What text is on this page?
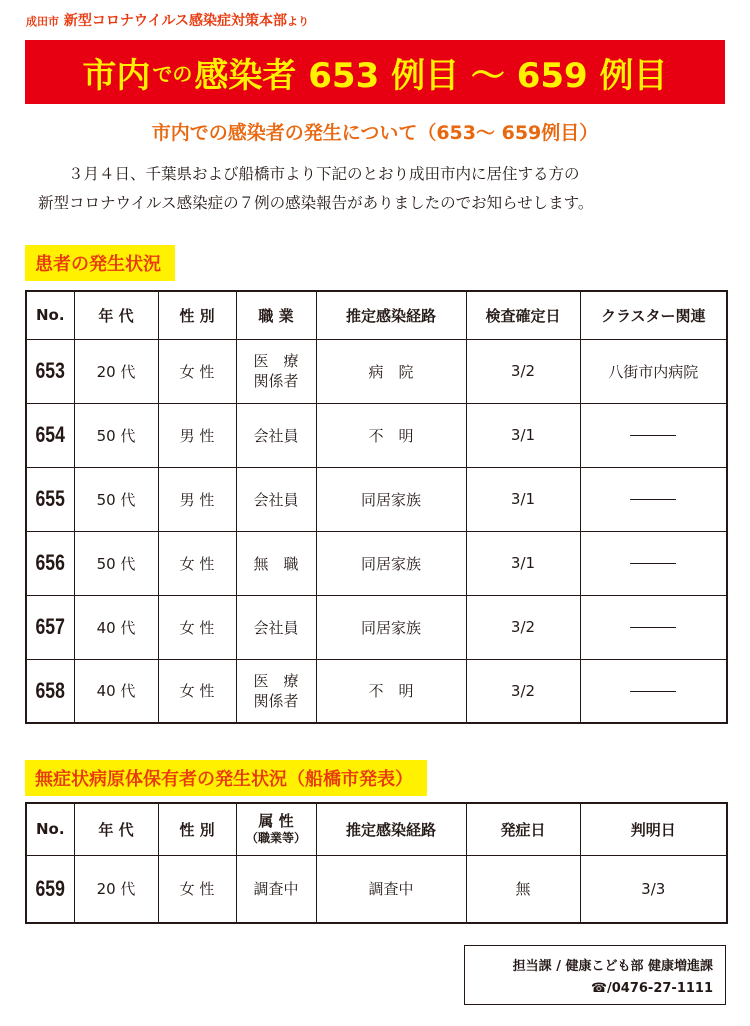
成田市 新型コロナウイルス感染症対策本部より
市内 での 感染者 653 例目 ～ 659 例目
市内での感染者の発生について（653～ 659例目）

３月４日、千葉県および船橋市より下記のとおり成田市内に居住する方の

新型コロナウイルス感染症の７例の感染報告がありましたのでお知らせします。

患者の発生状況
No.	年 代	性 別	職 業	推定感染経路	検査確定日	クラスター関連
653	20 代	女 性	医　療
関係者	病　院	3/2	八街市内病院
654	50 代	男 性	会社員	不　明	3/1	
655	50 代	男 性	会社員	同居家族	3/1	
656	50 代	女 性	無　職	同居家族	3/1	
657	40 代	女 性	会社員	同居家族	3/2	
658	40 代	女 性	医　療
関係者	不　明	3/2	
無症状病原体保有者の発生状況（船橋市発表）
No.	年 代	性 別	属 性
（職業等）	推定感染経路	発症日	判明日
659	20 代	女 性	調査中	調査中	無	3/3
担当課 / 健康こども部 健康増進課
☎/0476-27-1111
